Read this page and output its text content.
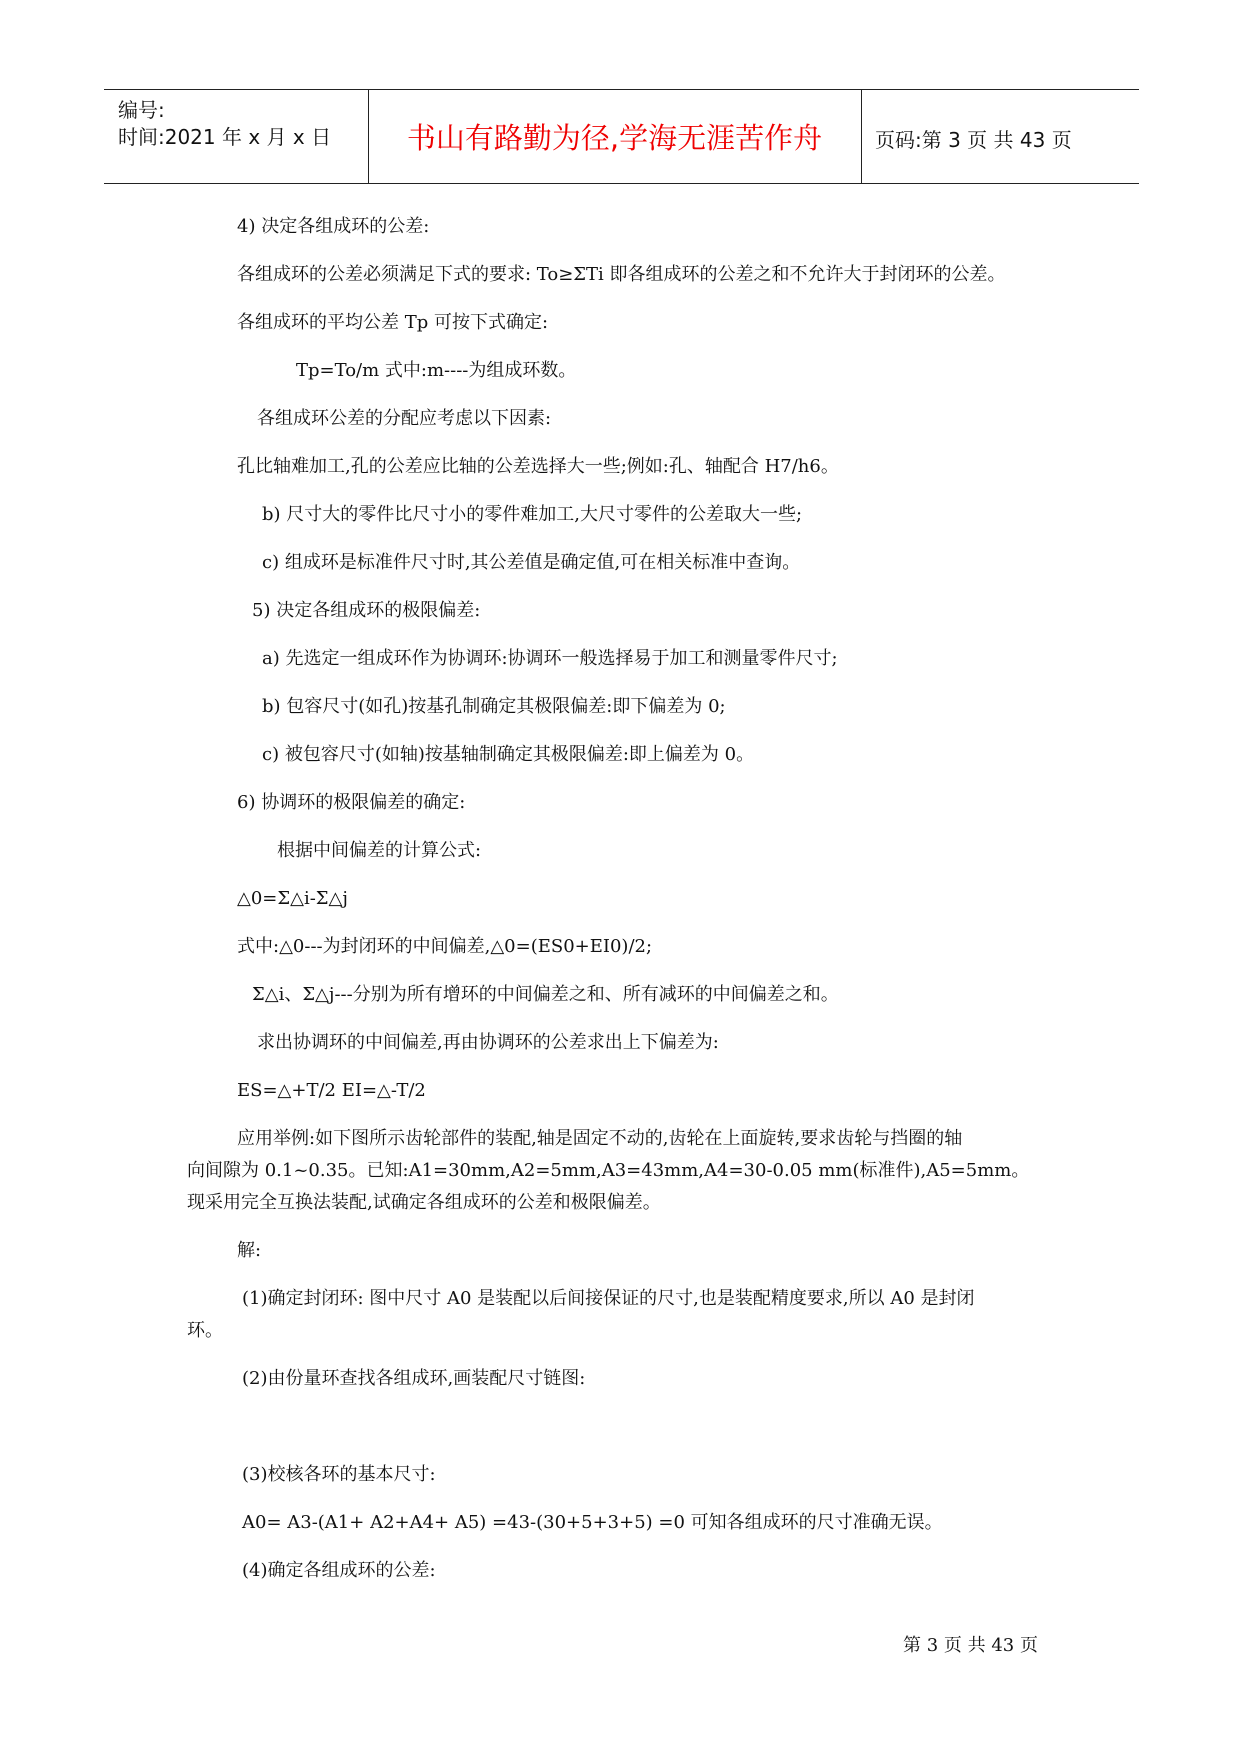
编号:
时间:2021 年 x 月 x 日	书山有路勤为径,学海无涯苦作舟	页码:第 3 页 共 43 页
4) 决定各组成环的公差:
各组成环的公差必须满足下式的要求: To≥ΣTi 即各组成环的公差之和不允许大于封闭环的公差。
各组成环的平均公差 Tp 可按下式确定:
Tp=To/m 式中:m----为组成环数。
各组成环公差的分配应考虑以下因素:
孔比轴难加工,孔的公差应比轴的公差选择大一些;例如:孔、轴配合 H7/h6。
b) 尺寸大的零件比尺寸小的零件难加工,大尺寸零件的公差取大一些;
c) 组成环是标准件尺寸时,其公差值是确定值,可在相关标准中查询。
5) 决定各组成环的极限偏差:
a) 先选定一组成环作为协调环:协调环一般选择易于加工和测量零件尺寸;
b) 包容尺寸(如孔)按基孔制确定其极限偏差:即下偏差为 0;
c) 被包容尺寸(如轴)按基轴制确定其极限偏差:即上偏差为 0。
6) 协调环的极限偏差的确定:
根据中间偏差的计算公式:
△0=Σ△i-Σ△j
式中:△0---为封闭环的中间偏差,△0=(ES0+EI0)/2;
Σ△i、Σ△j---分别为所有增环的中间偏差之和、所有减环的中间偏差之和。
求出协调环的中间偏差,再由协调环的公差求出上下偏差为:
ES=△+T/2 EI=△-T/2
应用举例:如下图所示齿轮部件的装配,轴是固定不动的,齿轮在上面旋转,要求齿轮与挡圈的轴
向间隙为 0.1~0.35。已知:A1=30mm,A2=5mm,A3=43mm,A4=30-0.05 mm(标准件),A5=5mm。
现采用完全互换法装配,试确定各组成环的公差和极限偏差。
解:
(1)确定封闭环: 图中尺寸 A0 是装配以后间接保证的尺寸,也是装配精度要求,所以 A0 是封闭
环。
(2)由份量环查找各组成环,画装配尺寸链图:
(3)校核各环的基本尺寸:
A0= A3-(A1+ A2+A4+ A5) =43-(30+5+3+5) =0 可知各组成环的尺寸准确无误。
(4)确定各组成环的公差:
第 3 页 共 43 页
